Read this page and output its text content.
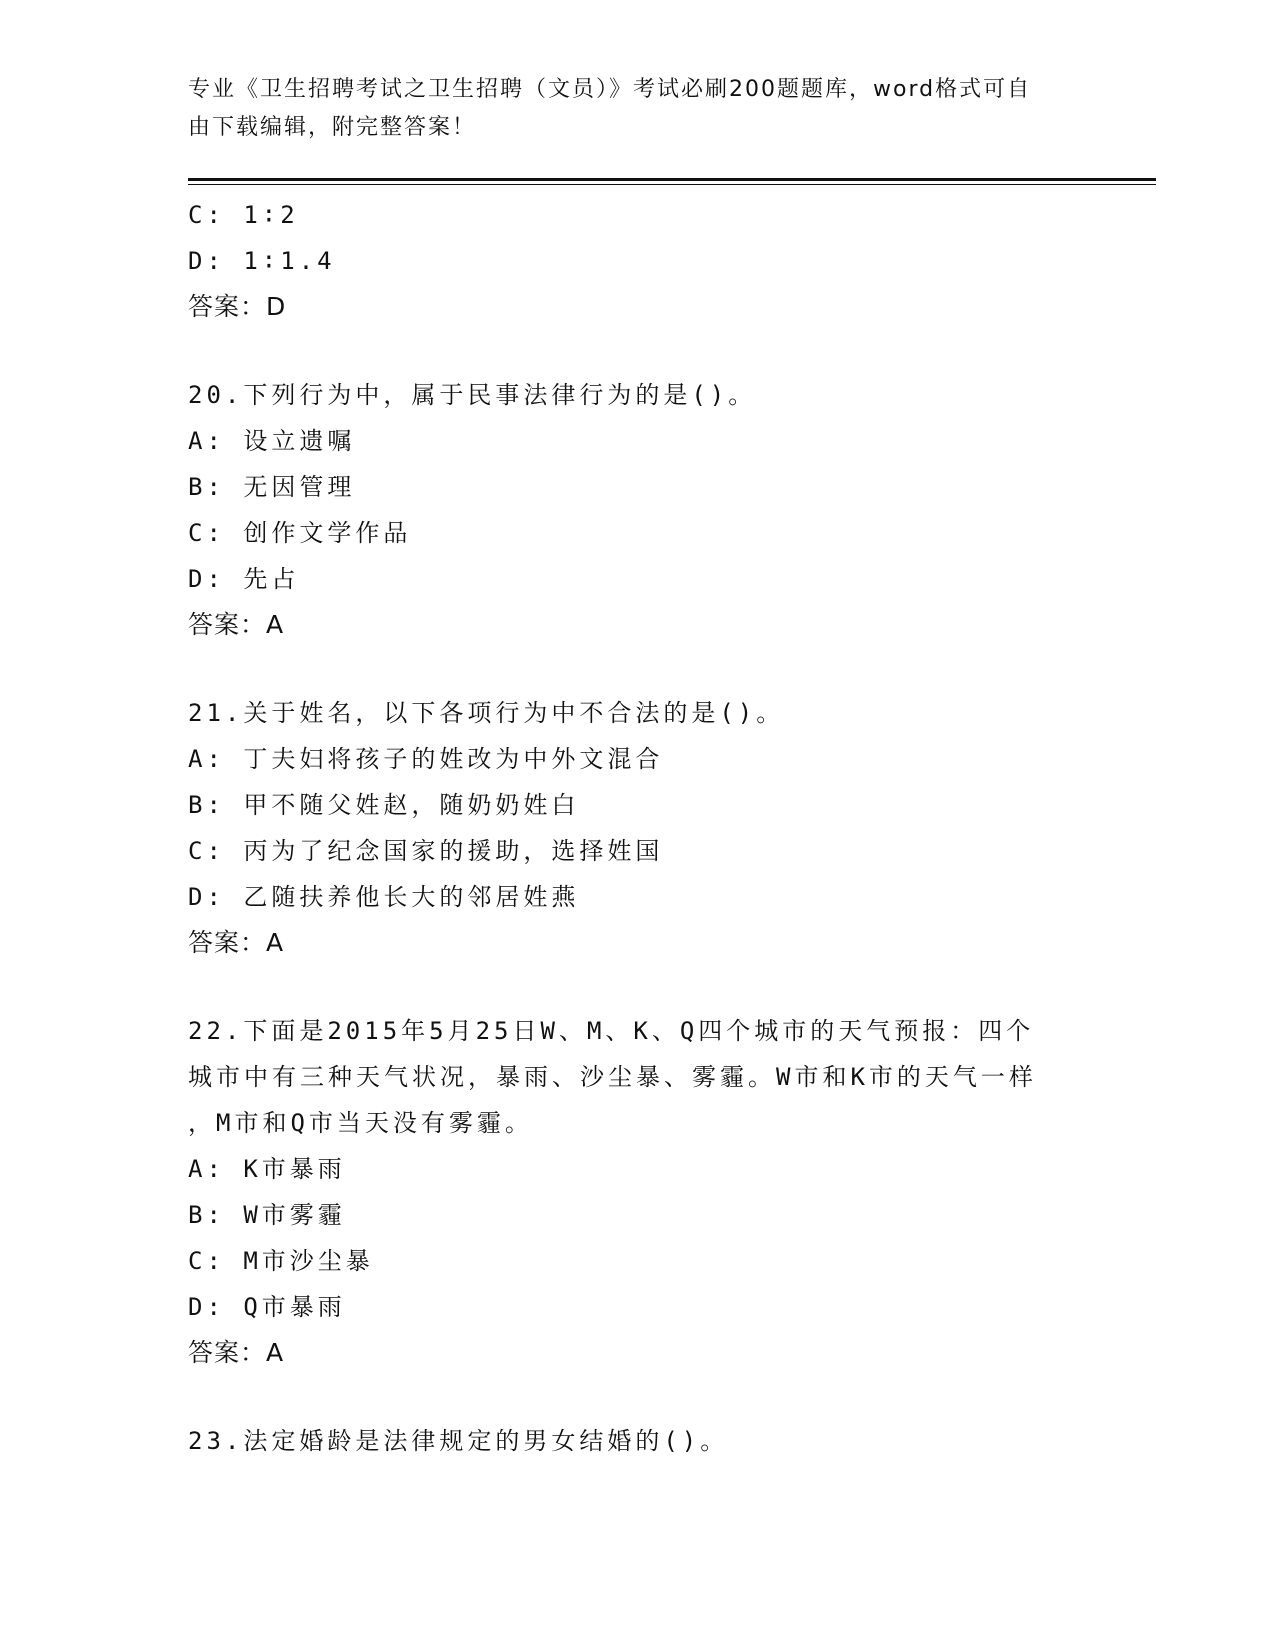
专业《卫生招聘考试之卫生招聘（文员）》考试必刷200题题库，word格式可自
由下载编辑，附完整答案！
C: 1∶2
D: 1∶1.4
答案：D
20.下列行为中，属于民事法律行为的是()。
A: 设立遗嘱
B: 无因管理
C: 创作文学作品
D: 先占
答案：A
21.关于姓名，以下各项行为中不合法的是()。
A: 丁夫妇将孩子的姓改为中外文混合
B: 甲不随父姓赵，随奶奶姓白
C: 丙为了纪念国家的援助，选择姓国
D: 乙随扶养他长大的邻居姓燕
答案：A
22.下面是2015年5月25日W、M、K、Q四个城市的天气预报：四个
城市中有三种天气状况，暴雨、沙尘暴、雾霾。W市和K市的天气一样
，M市和Q市当天没有雾霾。
A: K市暴雨
B: W市雾霾
C: M市沙尘暴
D: Q市暴雨
答案：A
23.法定婚龄是法律规定的男女结婚的()。
